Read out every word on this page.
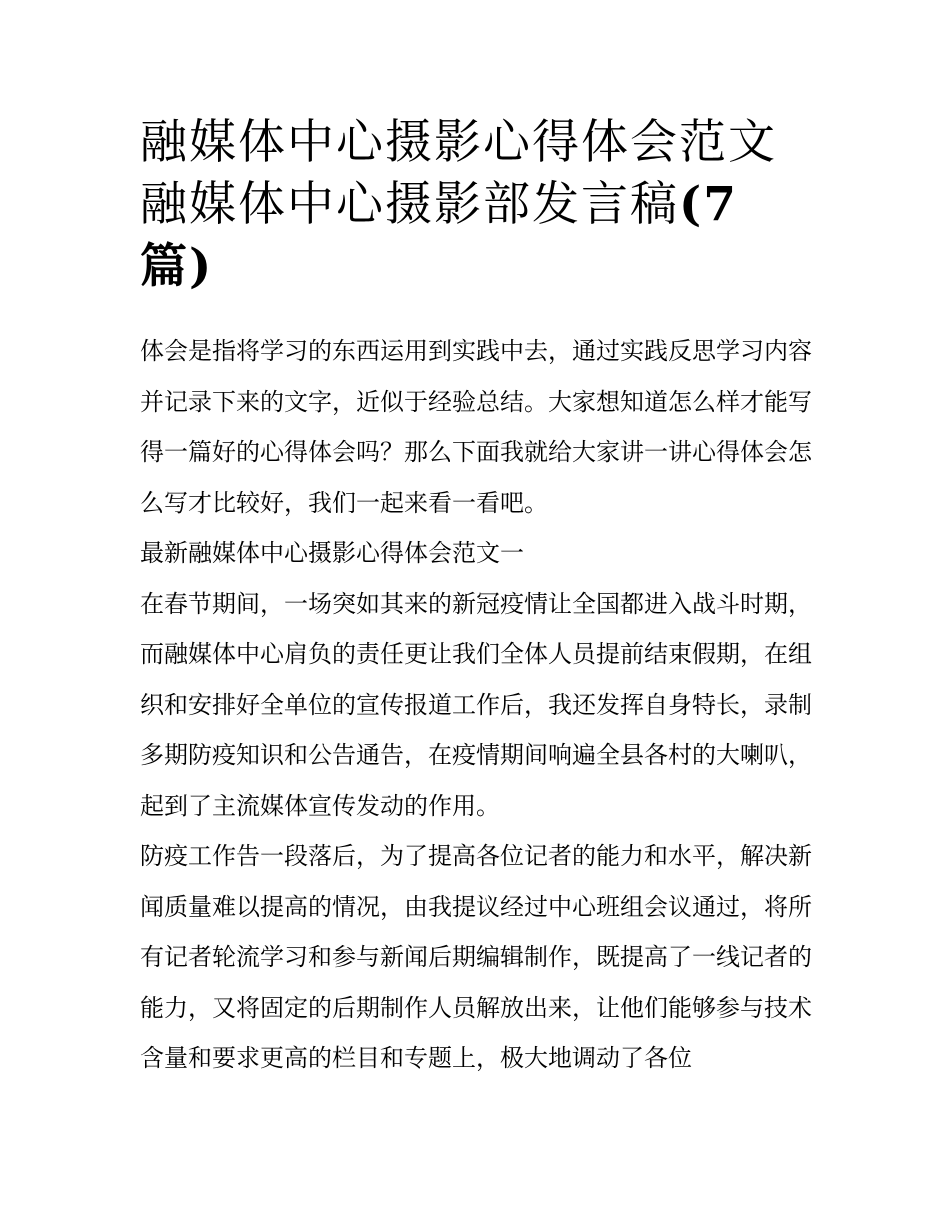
融媒体中心摄影心得体会范文融媒体中心摄影部发言稿(7篇)

体会是指将学习的东西运用到实践中去，通过实践反思学习内容并记录下来的文字，近似于经验总结。大家想知道怎么样才能写得一篇好的心得体会吗？那么下面我就给大家讲一讲心得体会怎么写才比较好，我们一起来看一看吧。

最新融媒体中心摄影心得体会范文一

在春节期间，一场突如其来的新冠疫情让全国都进入战斗时期，而融媒体中心肩负的责任更让我们全体人员提前结束假期，在组织和安排好全单位的宣传报道工作后，我还发挥自身特长，录制多期防疫知识和公告通告，在疫情期间响遍全县各村的大喇叭，起到了主流媒体宣传发动的作用。

防疫工作告一段落后，为了提高各位记者的能力和水平，解决新闻质量难以提高的情况，由我提议经过中心班组会议通过，将所有记者轮流学习和参与新闻后期编辑制作，既提高了一线记者的能力，又将固定的后期制作人员解放出来，让他们能够参与技术含量和要求更高的栏目和专题上，极大地调动了各位
